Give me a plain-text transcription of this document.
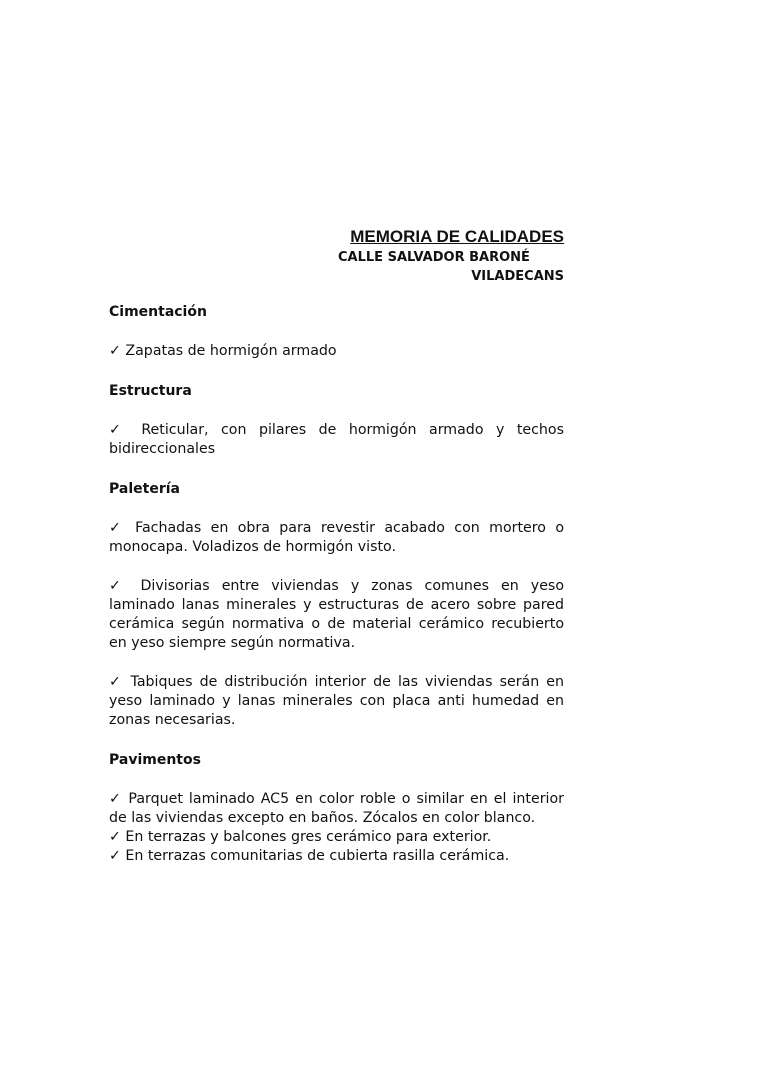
MEMORIA DE CALIDADES

CALLE SALVADOR BARONÉ

VILADECANS

Cimentación

✓ Zapatas de hormigón armado

Estructura

✓ Reticular, con pilares de hormigón armado y techos bidireccionales

Paletería

✓ Fachadas en obra para revestir acabado con mortero o monocapa. Voladizos de hormigón visto.

✓ Divisorias entre viviendas y zonas comunes en yeso laminado lanas minerales y estructuras de acero sobre pared cerámica según normativa o de material cerámico recubierto en yeso siempre según normativa.

✓ Tabiques de distribución interior de las viviendas serán en yeso laminado y lanas minerales con placa anti humedad en zonas necesarias.

Pavimentos

✓ Parquet laminado AC5 en color roble o similar en el interior de las viviendas excepto en baños. Zócalos en color blanco.

✓ En terrazas y balcones gres cerámico para exterior.

✓ En terrazas comunitarias de cubierta rasilla cerámica.
